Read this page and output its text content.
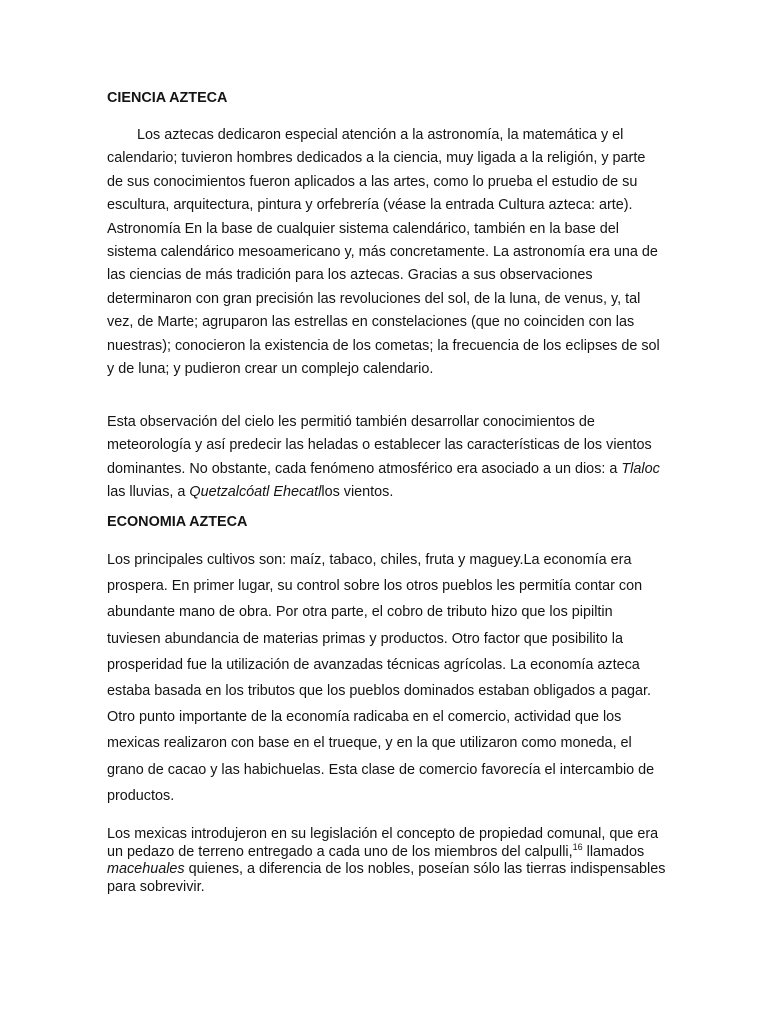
CIENCIA AZTECA

Los aztecas dedicaron especial atención a la astronomía, la matemática y el calendario; tuvieron hombres dedicados a la ciencia, muy ligada a la religión, y parte de sus conocimientos fueron aplicados a las artes, como lo prueba el estudio de su escultura, arquitectura, pintura y orfebrería (véase la entrada Cultura azteca: arte). Astronomía En la base de cualquier sistema calendárico, también en la base del sistema calendárico mesoamericano y, más concretamente. La astronomía era una de las ciencias de más tradición para los aztecas. Gracias a sus observaciones determinaron con gran precisión las revoluciones del sol, de la luna, de venus, y, tal vez, de Marte; agruparon las estrellas en constelaciones (que no coinciden con las nuestras); conocieron la existencia de los cometas; la frecuencia de los eclipses de sol y de luna; y pudieron crear un complejo calendario.

Esta observación del cielo les permitió también desarrollar conocimientos de meteorología y así predecir las heladas o establecer las características de los vientos dominantes. No obstante, cada fenómeno atmosférico era asociado a un dios: a Tlaloc las lluvias, a Quetzalcóatl Ehecatllos vientos.

ECONOMIA AZTECA

Los principales cultivos son: maíz, tabaco, chiles, fruta y maguey.La economía era prospera. En primer lugar, su control sobre los otros pueblos les permitía contar con abundante mano de obra. Por otra parte, el cobro de tributo hizo que los pipiltin tuviesen abundancia de materias primas y productos. Otro factor que posibilito la prosperidad fue la utilización de avanzadas técnicas agrícolas. La economía azteca estaba basada en los tributos que los pueblos dominados estaban obligados a pagar. Otro punto importante de la economía radicaba en el comercio, actividad que los mexicas realizaron con base en el trueque, y en la que utilizaron como moneda, el grano de cacao y las habichuelas. Esta clase de comercio favorecía el intercambio de productos.

Los mexicas introdujeron en su legislación el concepto de propiedad comunal, que era un pedazo de terreno entregado a cada uno de los miembros del calpulli,$^{16}$ llamados macehuales quienes, a diferencia de los nobles, poseían sólo las tierras indispensables para sobrevivir.
